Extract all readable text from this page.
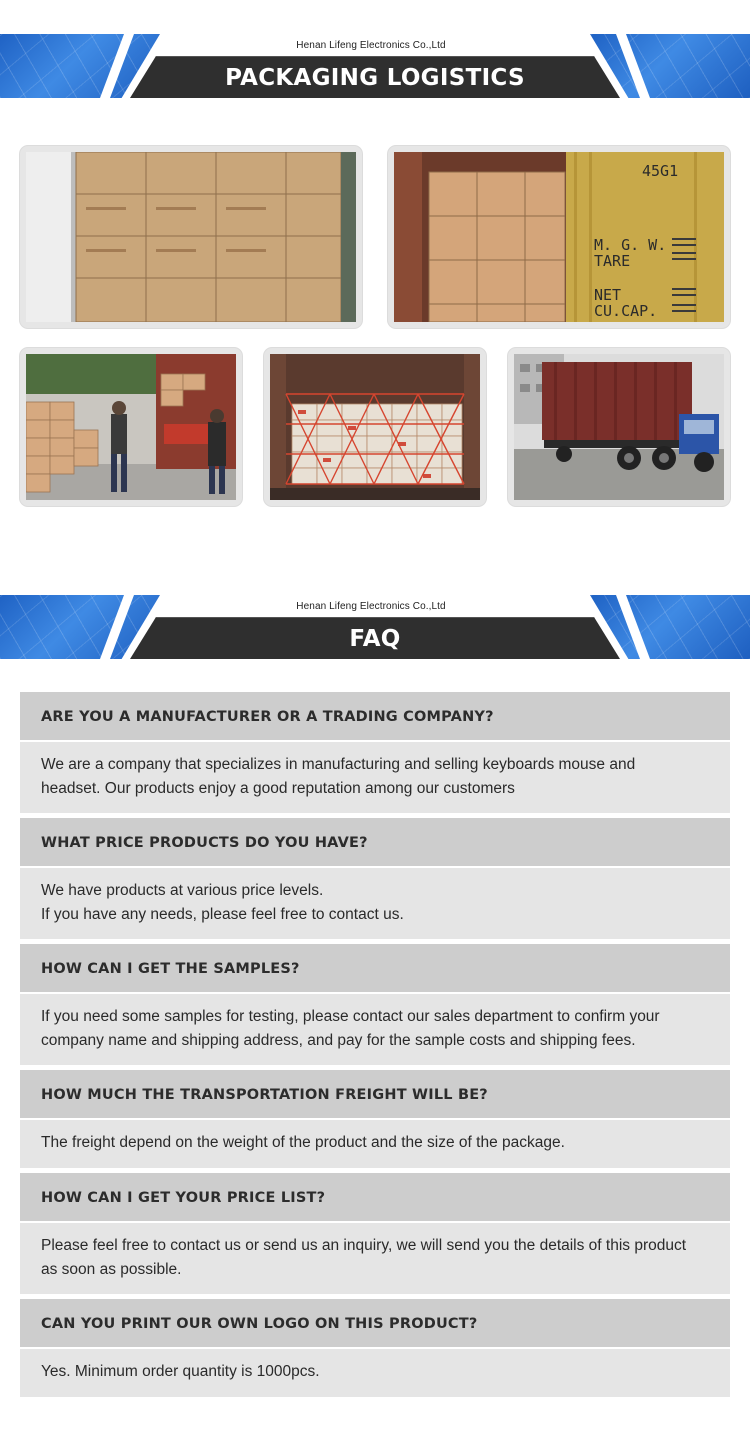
Henan Lifeng Electronics Co.,Ltd
PACKAGING LOGISTICS
45G1
M. G. W.
TARE
NET
CU.CAP.
Henan Lifeng Electronics Co.,Ltd
FAQ
ARE YOU A MANUFACTURER OR A TRADING COMPANY?
We are a company that specializes in manufacturing and selling keyboards mouse and
headset. Our products enjoy a good reputation among our customers
WHAT PRICE PRODUCTS DO YOU HAVE?
We have products at various price levels.
If you have any needs, please feel free to contact us.
HOW CAN I GET THE SAMPLES?
If you need some samples for testing, please contact our sales department to confirm your
company name and shipping address, and pay for the sample costs and shipping fees.
HOW MUCH THE TRANSPORTATION FREIGHT WILL BE?
The freight depend on the weight of the product and the size of the package.
HOW CAN I GET YOUR PRICE LIST?
Please feel free to contact us or send us an inquiry, we will send you the details of this product
as soon as possible.
CAN YOU PRINT OUR OWN LOGO ON THIS PRODUCT?
Yes. Minimum order quantity is 1000pcs.
